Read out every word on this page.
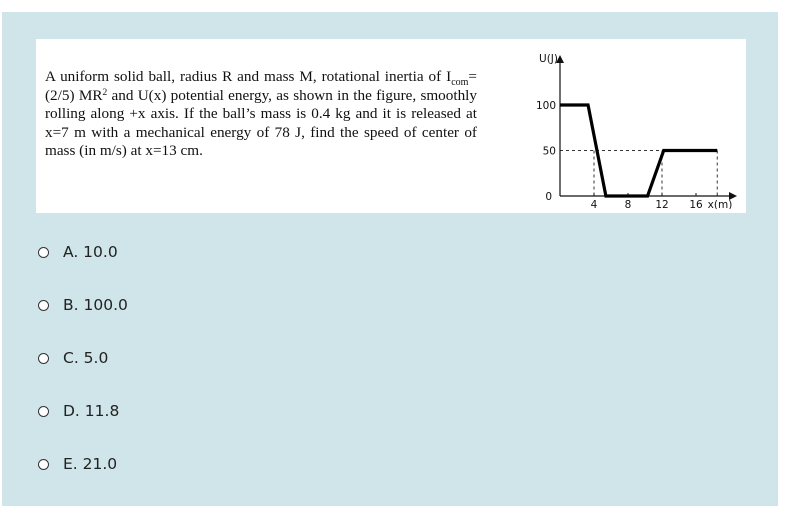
A uniform solid ball, radius R and mass M, rotational inertia of $I_{com}= (2/5)$ $MR^2$ and U(x) potential energy, as shown in the figure, smoothly rolling along +x axis. If the ball’s mass is 0.4 kg and it is released at x=7 m with a mechanical energy of 78 J, find the speed of center of mass (in m/s) at x=13 cm.
U(J)
100
50
0
4	8 12 16 x(m)
A. 10.0
B. 100.0
C. 5.0
D. 11.8
E. 21.0
